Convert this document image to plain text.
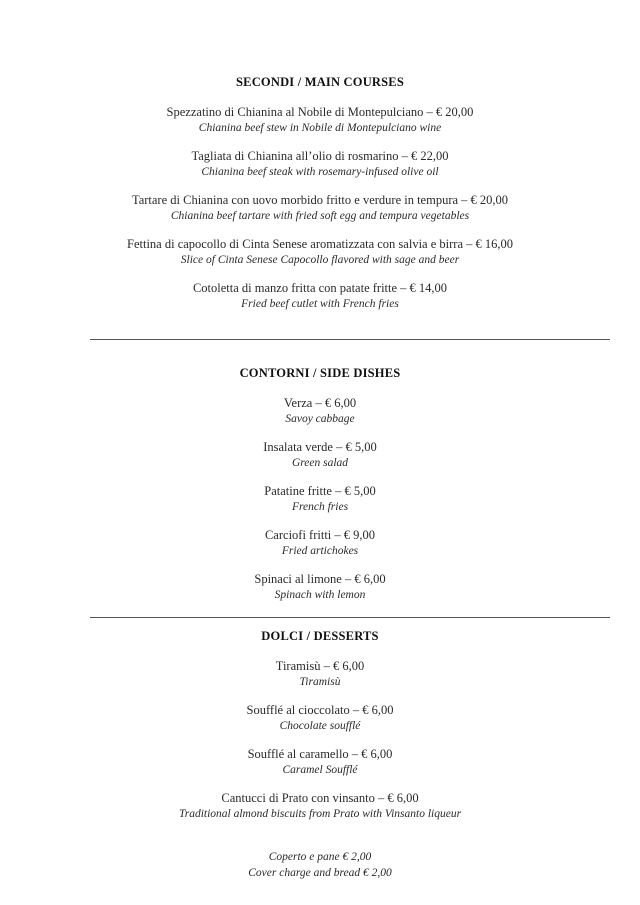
SECONDI / MAIN COURSES
Spezzatino di Chianina al Nobile di Montepulciano – € 20,00
Chianina beef stew in Nobile di Montepulciano wine
Tagliata di Chianina all’olio di rosmarino – € 22,00
Chianina beef steak with rosemary-infused olive oil
Tartare di Chianina con uovo morbido fritto e verdure in tempura – € 20,00
Chianina beef tartare with fried soft egg and tempura vegetables
Fettina di capocollo di Cinta Senese aromatizzata con salvia e birra – € 16,00
Slice of Cinta Senese Capocollo flavored with sage and beer
Cotoletta di manzo fritta con patate fritte – € 14,00
Fried beef cutlet with French fries
CONTORNI / SIDE DISHES
Verza – € 6,00
Savoy cabbage
Insalata verde – € 5,00
Green salad
Patatine fritte – € 5,00
French fries
Carciofi fritti – € 9,00
Fried artichokes
Spinaci al limone – € 6,00
Spinach with lemon
DOLCI / DESSERTS
Tiramisù – € 6,00
Tiramisù
Soufflé al cioccolato – € 6,00
Chocolate soufflé
Soufflé al caramello – € 6,00
Caramel Soufflé
Cantucci di Prato con vinsanto – € 6,00
Traditional almond biscuits from Prato with Vinsanto liqueur
Coperto e pane € 2,00
Cover charge and bread € 2,00
